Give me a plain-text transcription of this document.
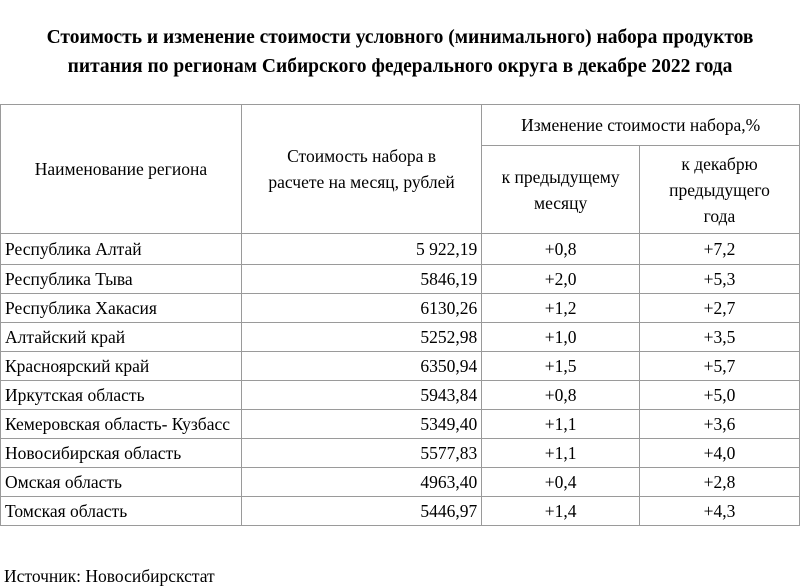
Стоимость и изменение стоимости условного (минимального) набора продуктов питания по регионам Сибирского федерального округа в декабре 2022 года
Наименование региона	Стоимость набора в расчете на месяц, рублей	Изменение стоимости набора,%	
		к предыдущему месяцу	к декабрю предыдущего года
Республика Алтай	5 922,19	+0,8	+7,2
Республика Тыва	5846,19	+2,0	+5,3
Республика Хакасия	6130,26	+1,2	+2,7
Алтайский край	5252,98	+1,0	+3,5
Красноярский край	6350,94	+1,5	+5,7
Иркутская область	5943,84	+0,8	+5,0
Кемеровская область- Кузбасс	5349,40	+1,1	+3,6
Новосибирская область	5577,83	+1,1	+4,0
Омская область	4963,40	+0,4	+2,8
Томская область	5446,97	+1,4	+4,3
Источник: Новосибирскстат
